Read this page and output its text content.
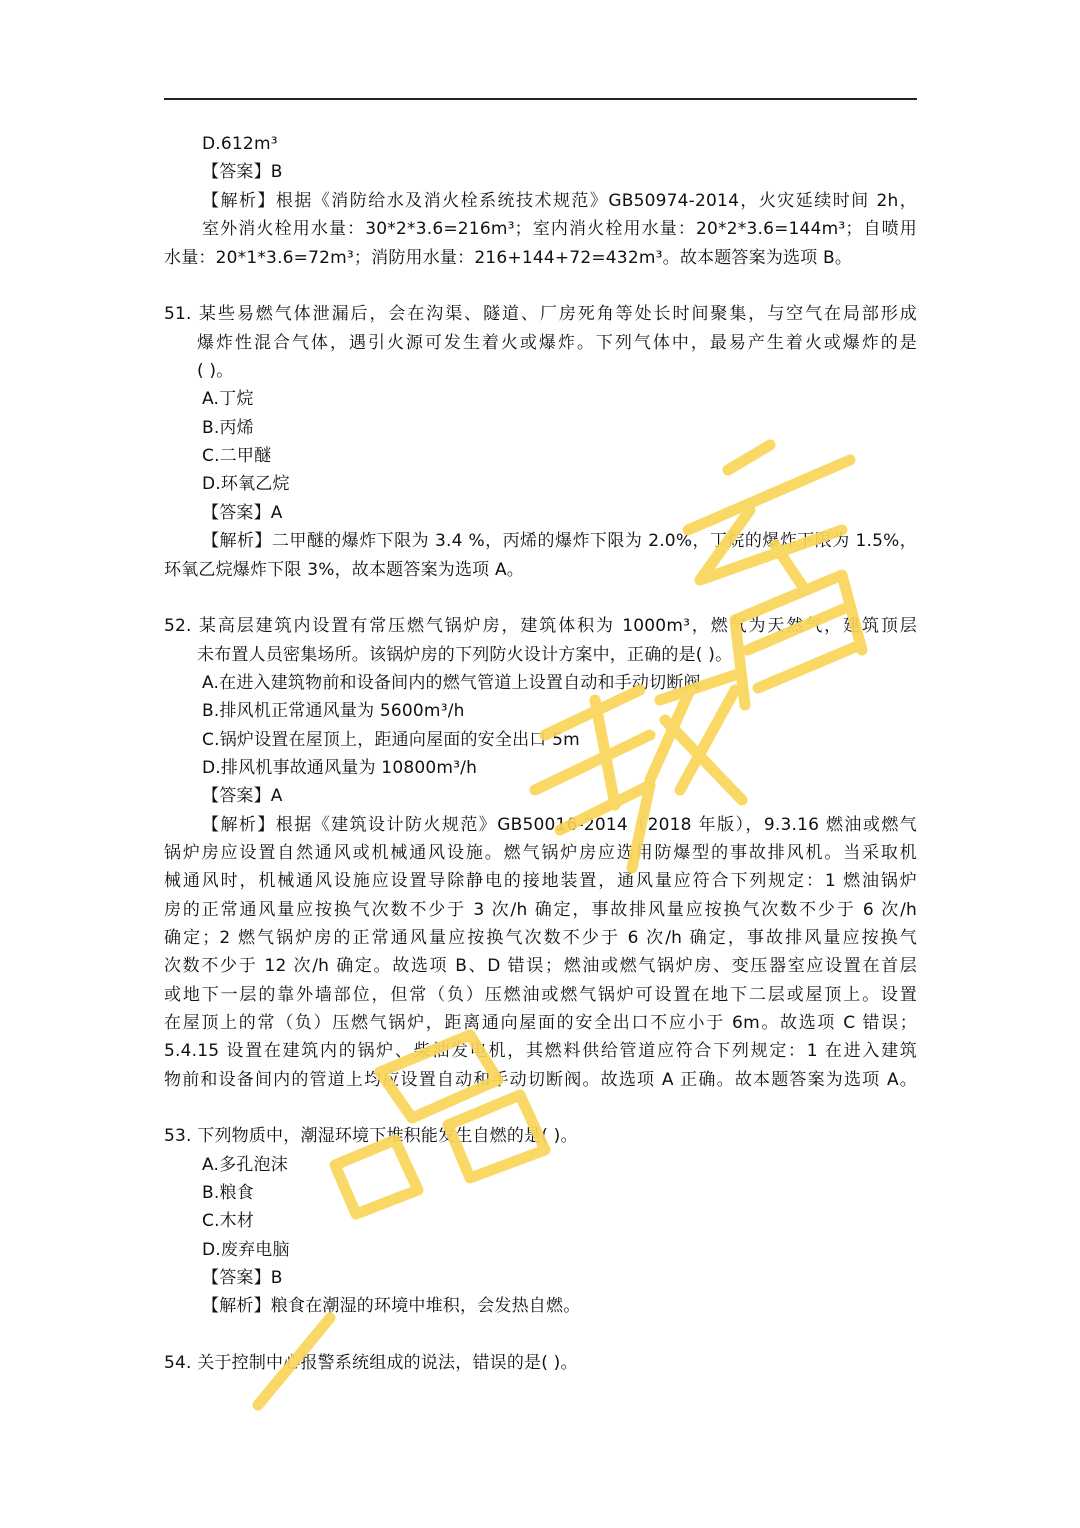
D.612m³
【答案】B
【解析】根据《消防给水及消火栓系统技术规范》GB50974-2014，火灾延续时间 2h，
室外消火栓用水量：30*2*3.6=216m³；室内消火栓用水量：20*2*3.6=144m³；自喷用
水量：20*1*3.6=72m³；消防用水量：216+144+72=432m³。故本题答案为选项 B。
51. 某些易燃气体泄漏后，会在沟渠、隧道、厂房死角等处长时间聚集，与空气在局部形成
爆炸性混合气体，遇引火源可发生着火或爆炸。下列气体中，最易产生着火或爆炸的是
( )。
A.丁烷
B.丙烯
C.二甲醚
D.环氧乙烷
【答案】A
【解析】二甲醚的爆炸下限为 3.4 %，丙烯的爆炸下限为 2.0%，丁烷的爆炸下限为 1.5%，
环氧乙烷爆炸下限 3%，故本题答案为选项 A。
52. 某高层建筑内设置有常压燃气锅炉房，建筑体积为 1000m³，燃气为天然气，建筑顶层
未布置人员密集场所。该锅炉房的下列防火设计方案中，正确的是( )。
A.在进入建筑物前和设备间内的燃气管道上设置自动和手动切断阀
B.排风机正常通风量为 5600m³/h
C.锅炉设置在屋顶上，距通向屋面的安全出口 5m
D.排风机事故通风量为 10800m³/h
【答案】A
【解析】根据《建筑设计防火规范》GB50016-2014（2018 年版），9.3.16 燃油或燃气
锅炉房应设置自然通风或机械通风设施。燃气锅炉房应选用防爆型的事故排风机。当采取机
械通风时，机械通风设施应设置导除静电的接地装置，通风量应符合下列规定：1 燃油锅炉
房的正常通风量应按换气次数不少于 3 次/h 确定，事故排风量应按换气次数不少于 6 次/h
确定；2 燃气锅炉房的正常通风量应按换气次数不少于 6 次/h 确定，事故排风量应按换气
次数不少于 12 次/h 确定。故选项 B、D 错误；燃油或燃气锅炉房、变压器室应设置在首层
或地下一层的靠外墙部位，但常（负）压燃油或燃气锅炉可设置在地下二层或屋顶上。设置
在屋顶上的常（负）压燃气锅炉，距离通向屋面的安全出口不应小于 6m。故选项 C 错误；
5.4.15 设置在建筑内的锅炉、柴油发电机，其燃料供给管道应符合下列规定：1 在进入建筑
物前和设备间内的管道上均应设置自动和手动切断阀。故选项 A 正确。故本题答案为选项 A。
53. 下列物质中，潮湿环境下堆积能发生自燃的是( )。
A.多孔泡沫
B.粮食
C.木材
D.废弃电脑
【答案】B
【解析】粮食在潮湿的环境中堆积，会发热自燃。
54. 关于控制中心报警系统组成的说法，错误的是( )。
